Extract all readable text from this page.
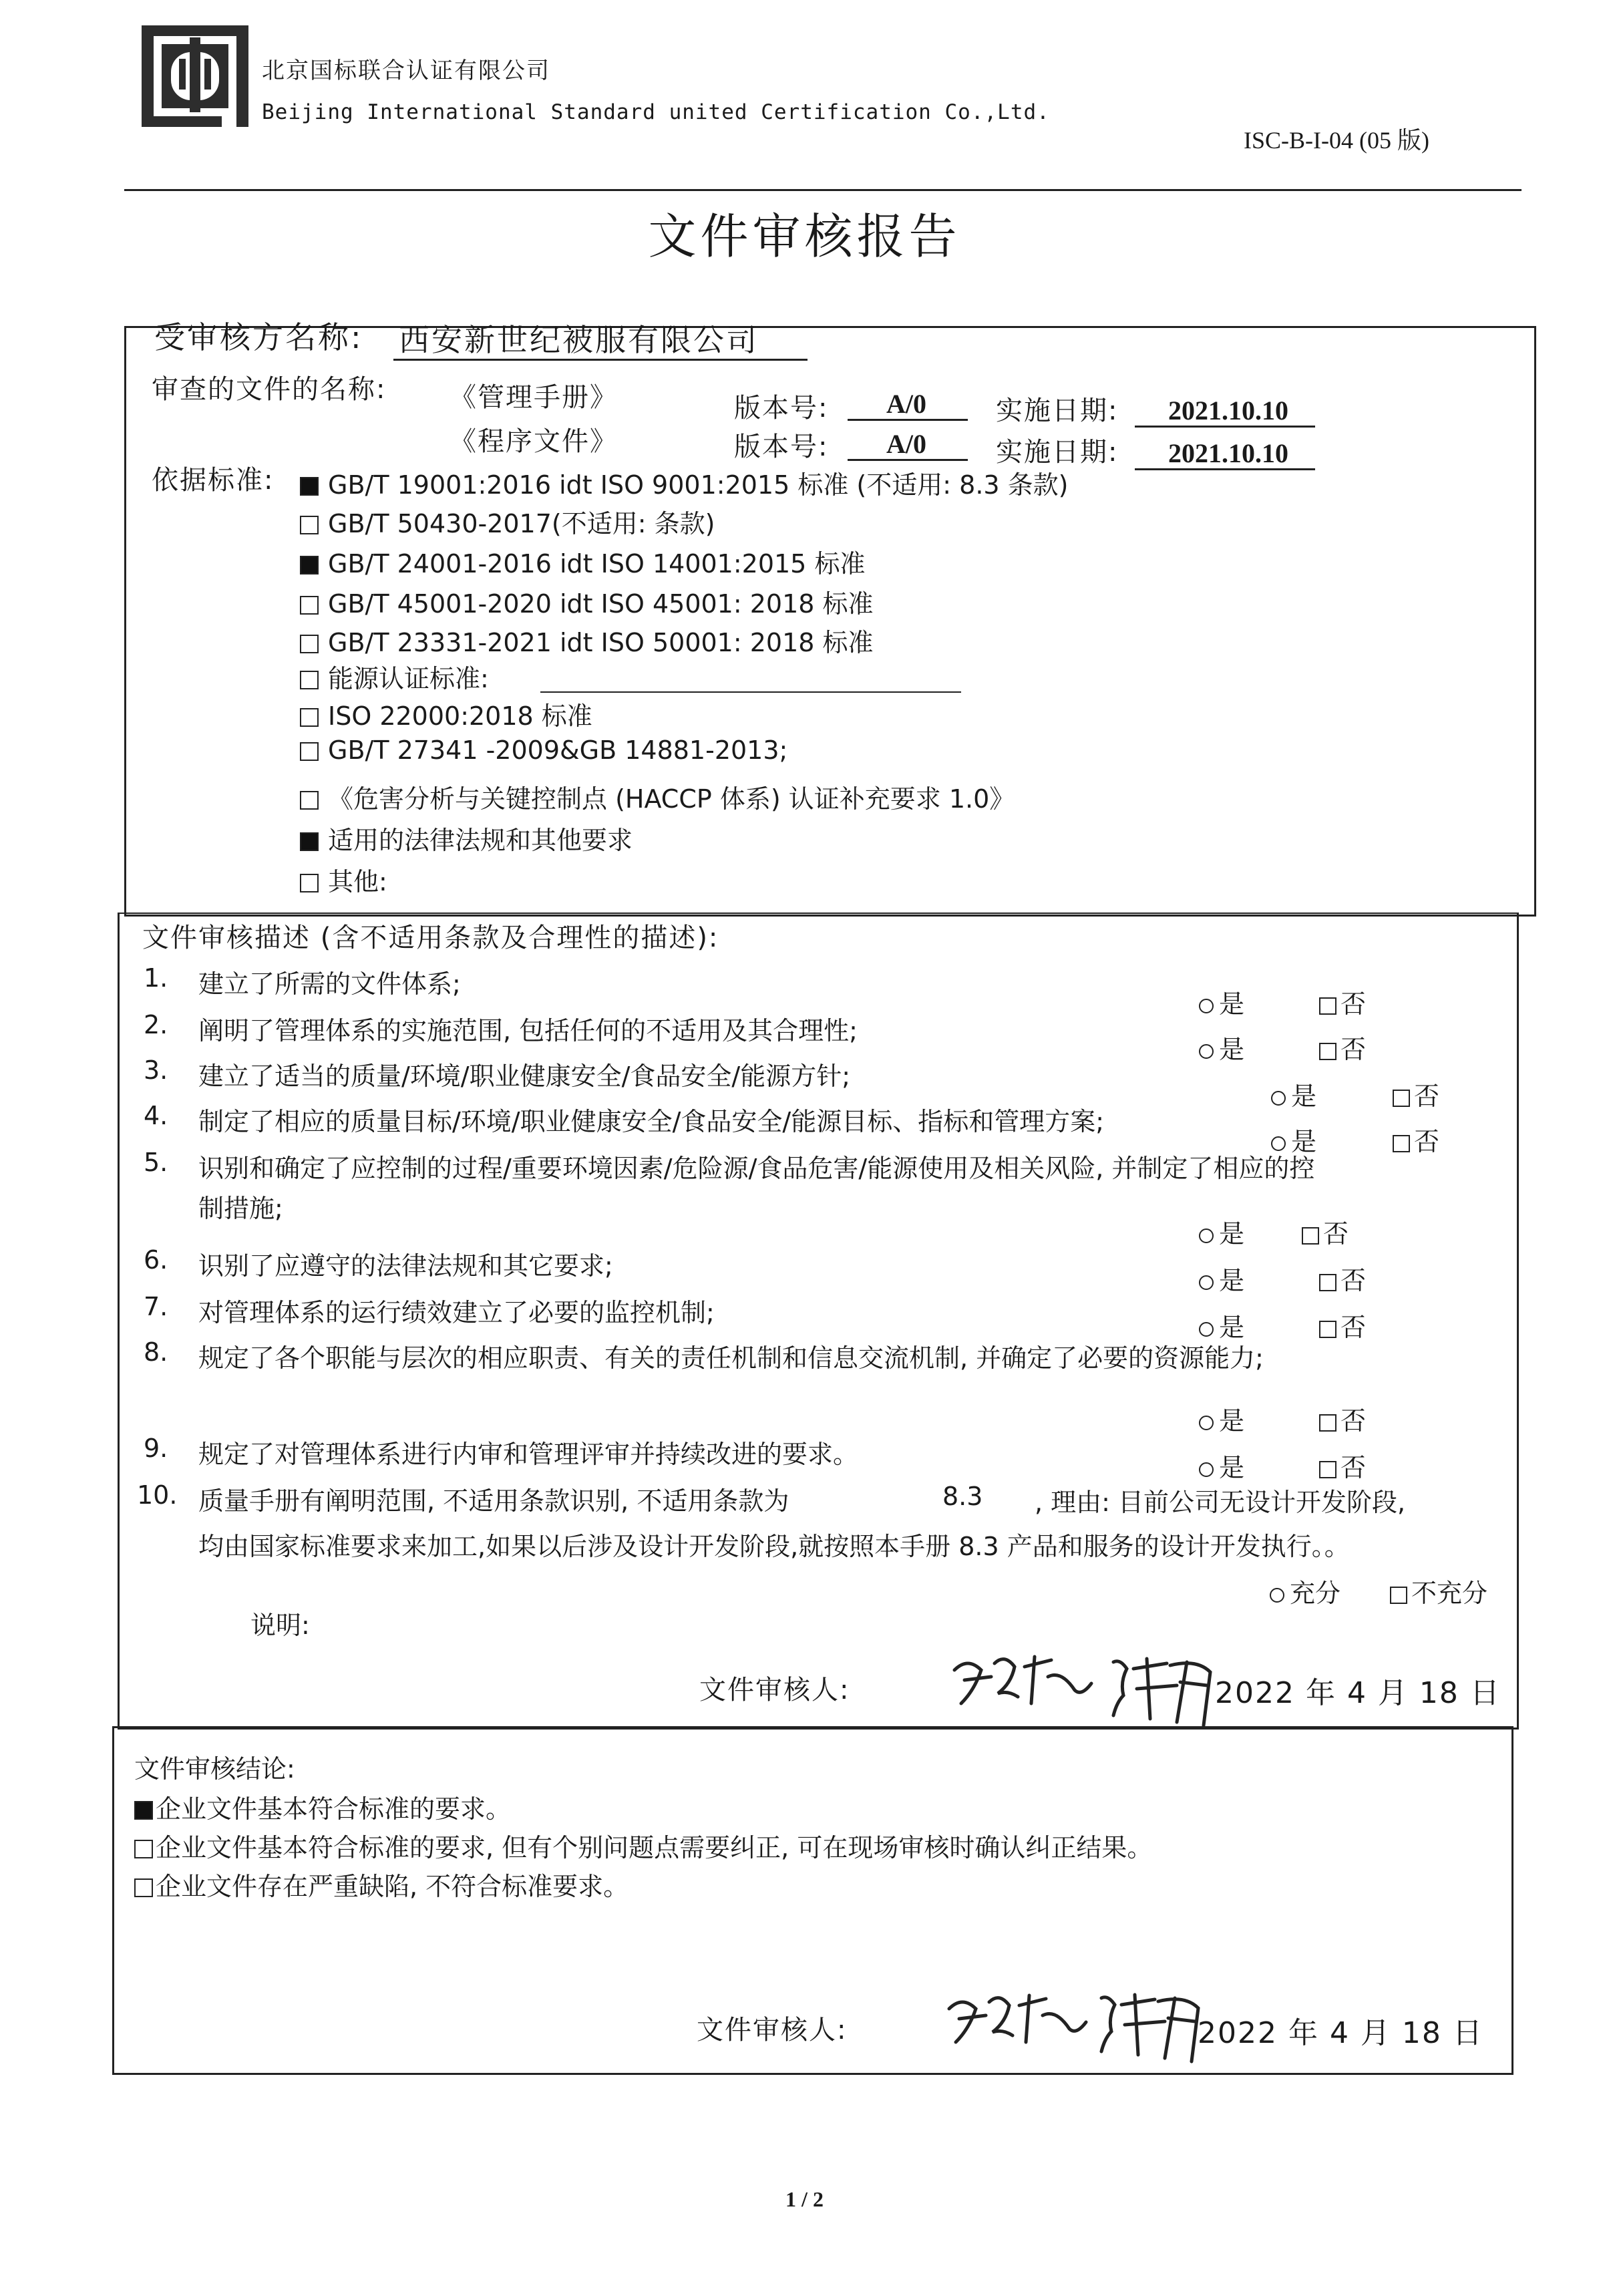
北京国标联合认证有限公司
Beijing International Standard united Certification Co.,Ltd.
ISC-B-I-04 (05 版)
文件审核报告
受审核方名称: 西安新世纪被服有限公司
审查的文件的名称: 《管理手册》	版本号: A/0	实施日期: 2021.10.10
《程序文件》	版本号: A/0	实施日期: 2021.10.10
依据标准:	GB/T 19001:2016 idt ISO 9001:2015 标准 (不适用: 8.3 条款)
GB/T 50430-2017(不适用: 条款)
GB/T 24001-2016 idt ISO 14001:2015 标准
GB/T 45001-2020 idt ISO 45001: 2018 标准
GB/T 23331-2021 idt ISO 50001: 2018 标准
能源认证标准:
ISO 22000:2018 标准
GB/T 27341 -2009&GB 14881-2013;
《危害分析与关键控制点 (HACCP 体系) 认证补充要求 1.0》
适用的法律法规和其他要求
其他:
文件审核描述 (含不适用条款及合理性的描述):
1. 建立了所需的文件体系;
是	否
2. 阐明了管理体系的实施范围, 包括任何的不适用及其合理性;
是	否
3. 建立了适当的质量/环境/职业健康安全/食品安全/能源方针;
是	否
4. 制定了相应的质量目标/环境/职业健康安全/食品安全/能源目标、指标和管理方案;
是	否
5. 识别和确定了应控制的过程/重要环境因素/危险源/食品危害/能源使用及相关风险, 并制定了相应的控
制措施;
是	否
6. 识别了应遵守的法律法规和其它要求;	是	否
7. 对管理体系的运行绩效建立了必要的监控机制;	是	否
8. 规定了各个职能与层次的相应职责、有关的责任机制和信息交流机制, 并确定了必要的资源能力;
是	否
9. 规定了对管理体系进行内审和管理评审并持续改进的要求。	是	否
10. 质量手册有阐明范围, 不适用条款识别, 不适用条款为	8.3 , 理由: 目前公司无设计开发阶段,
均由国家标准要求来加工,如果以后涉及设计开发阶段,就按照本手册 8.3 产品和服务的设计开发执行。。
充分	不充分
说明:
文件审核人:	2022 年 4 月 18 日
文件审核结论:
企业文件基本符合标准的要求。
企业文件基本符合标准的要求, 但有个别问题点需要纠正, 可在现场审核时确认纠正结果。
企业文件存在严重缺陷, 不符合标准要求。
文件审核人:	2022 年 4 月 18 日
1 / 2
